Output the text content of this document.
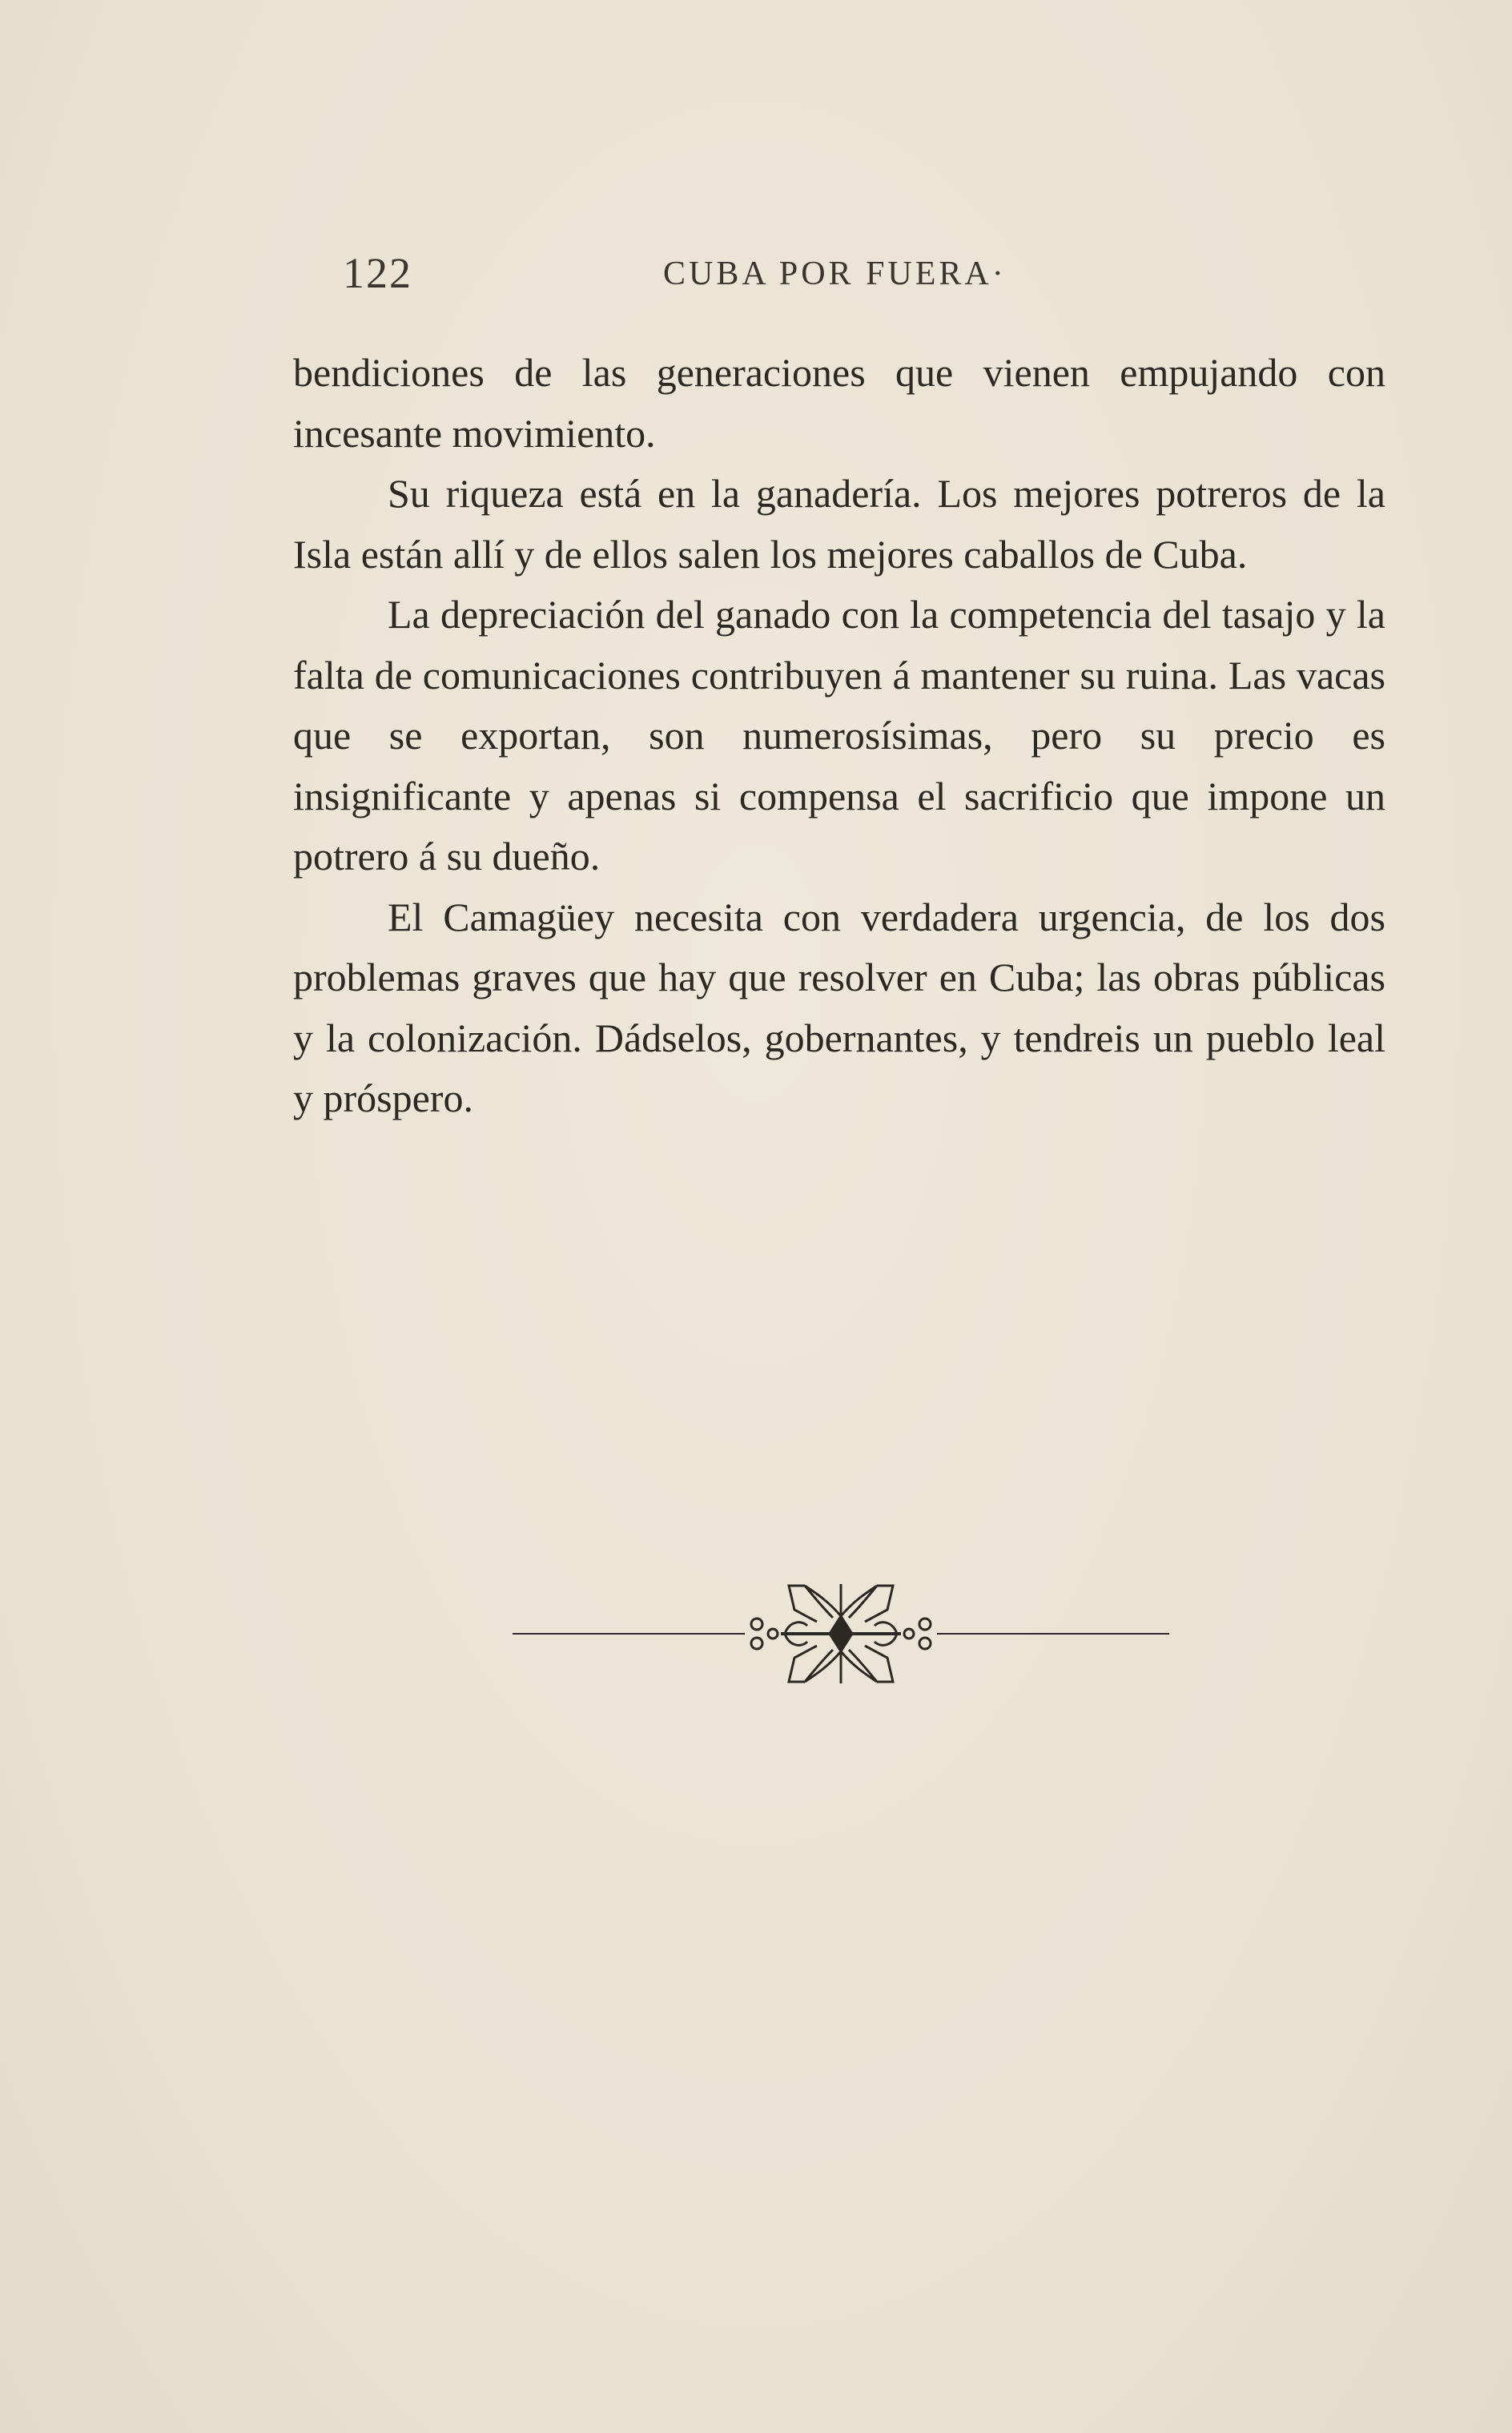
122	CUBA POR FUERA·

bendiciones de las generaciones que vienen empujando con incesante movimiento.

Su riqueza está en la ganadería. Los mejores potreros de la Isla están allí y de ellos salen los mejores caballos de Cuba.

La depreciación del ganado con la competencia del tasajo y la falta de comunicaciones contribuyen á mantener su ruina. Las vacas que se exportan, son numerosísimas, pero su precio es insignificante y apenas si compensa el sacrificio que impone un potrero á su dueño.

El Camagüey necesita con verdadera urgencia, de los dos problemas graves que hay que resolver en Cuba; las obras públicas y la colonización. Dádselos, gobernantes, y tendreis un pueblo leal y próspero.
